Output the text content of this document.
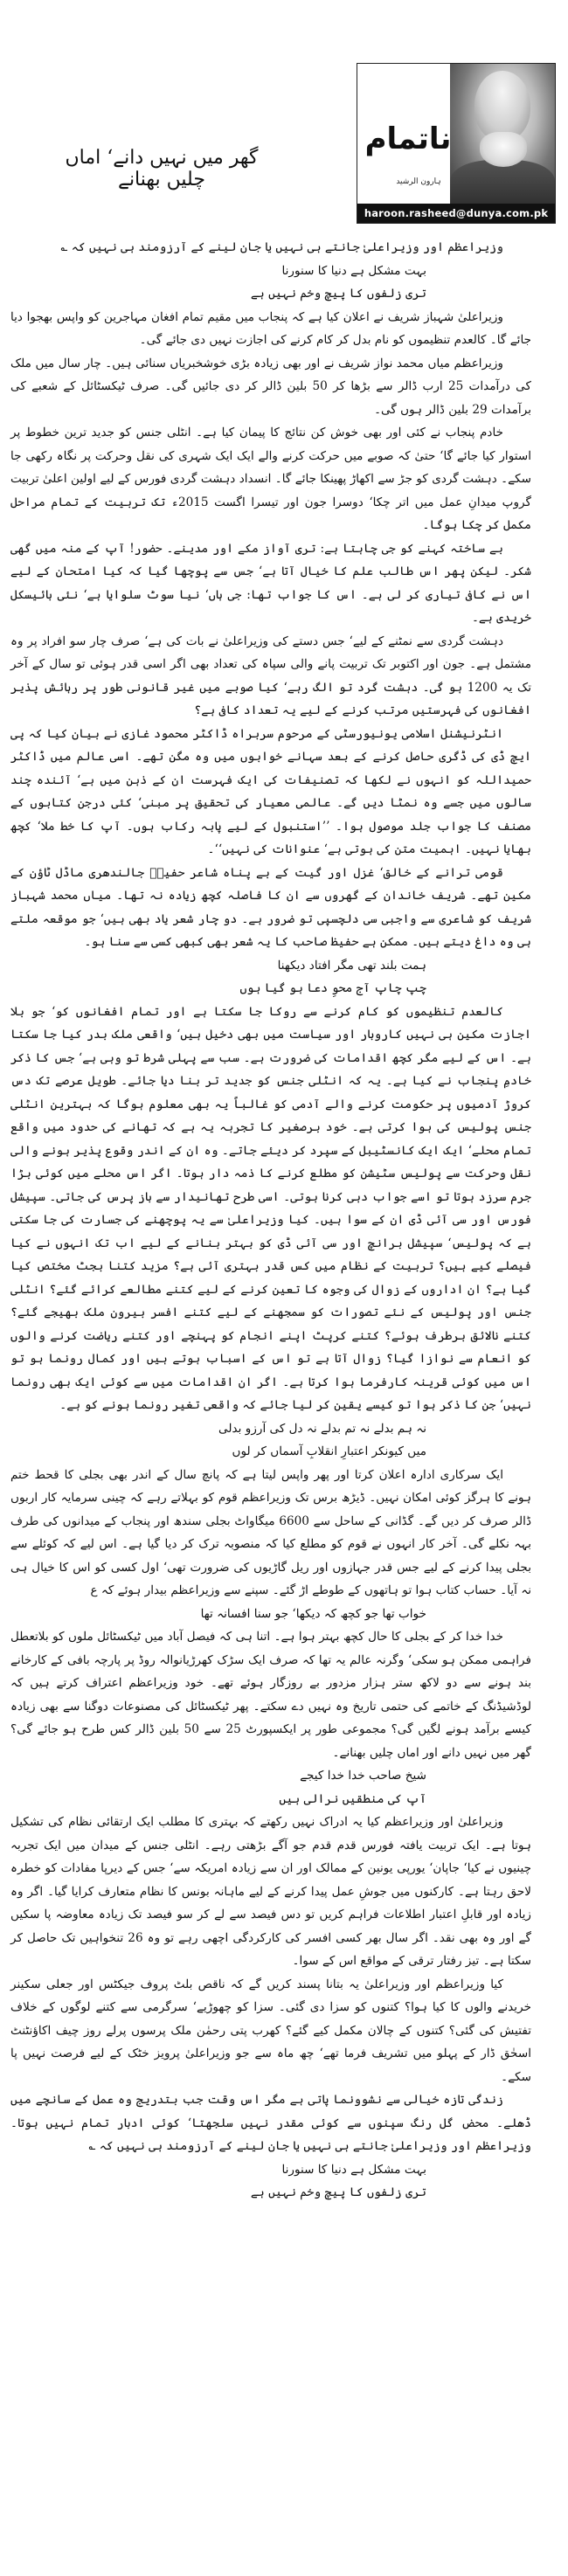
گھر میں نہیں دانے‘ اماں چلیں بھنانے
ناتمام
ہارون الرشید
haroon.rasheed@dunya.com.pk

وزیراعظم اور وزیراعلیٰ جانتے ہی نہیں یا جان لینے کے آرزومند ہی نہیں کہ ؎

بہت مشکل ہے دنیا کا سنورنا

تری زلفوں کا پیچ وخم نہیں ہے

وزیراعلیٰ شہباز شریف نے اعلان کیا ہے کہ پنجاب میں مقیم تمام افغان مہاجرین کو واپس بھجوا دیا جائے گا۔ کالعدم تنظیموں کو نام بدل کر کام کرنے کی اجازت نہیں دی جائے گی۔

وزیراعظم میاں محمد نواز شریف نے اور بھی زیادہ بڑی خوشخبریاں سنائی ہیں۔ چار سال میں ملک کی درآمدات 25 ارب ڈالر سے بڑھا کر 50 بلین ڈالر کر دی جائیں گی۔ صرف ٹیکسٹائل کے شعبے کی برآمدات 29 بلین ڈالر ہوں گی۔

خادم پنجاب نے کئی اور بھی خوش کن نتائج کا پیمان کیا ہے۔ انٹلی جنس کو جدید ترین خطوط پر استوار کیا جائے گا‘ حتیٰ کہ صوبے میں حرکت کرنے والے ایک ایک شہری کی نقل وحرکت پر نگاہ رکھی جا سکے۔ دہشت گردی کو جڑ سے اکھاڑ پھینکا جائے گا۔ انسداد دہشت گردی فورس کے لیے اولین اعلیٰ تربیت گروپ میدانِ عمل میں اتر چکا‘ دوسرا جون اور تیسرا اگست 2015ء تک تربیت کے تمام مراحل مکمل کر چکا ہوگا۔

بے ساختہ کہنے کو جی چاہتا ہے: تری آواز مکے اور مدینے۔ حضور! آپ کے منہ میں گھی شکر۔ لیکن پھر اس طالب علم کا خیال آتا ہے‘ جس سے پوچھا گیا کہ کیا امتحان کے لیے اس نے کافی تیاری کر لی ہے۔ اس کا جواب تھا: جی ہاں‘ نیا سوٹ سلوایا ہے‘ نئی بائیسکل خریدی ہے۔

دہشت گردی سے نمٹنے کے لیے‘ جس دستے کی وزیراعلیٰ نے بات کی ہے‘ صرف چار سو افراد پر وہ مشتمل ہے۔ جون اور اکتوبر تک تربیت پانے والی سپاہ کی تعداد بھی اگر اسی قدر ہوئی تو سال کے آخر تک یہ 1200 ہو گی۔ دہشت گرد تو الگ رہے‘ کیا صوبے میں غیر قانونی طور پر رہائش پذیر افغانوں کی فہرستیں مرتب کرنے کے لیے یہ تعداد کافی ہے؟

انٹرنیشنل اسلامی یونیورسٹی کے مرحوم سربراہ ڈاکٹر محمود غازی نے بیان کیا کہ پی ایچ ڈی کی ڈگری حاصل کرنے کے بعد سہانے خوابوں میں وہ مگن تھے۔ اسی عالم میں ڈاکٹر حمیداللہ کو انہوں نے لکھا کہ تصنیفات کی ایک فہرست ان کے ذہن میں ہے‘ آئندہ چند سالوں میں جسے وہ نمٹا دیں گے۔ عالمی معیار کی تحقیق پر مبنی‘ کئی درجن کتابوں کے مصنف کا جواب جلد موصول ہوا۔ ’’استنبول کے لیے پابہ رکاب ہوں۔ آپ کا خط ملا‘ کچھ بھایا نہیں۔ اہمیت متن کی ہوتی ہے‘ عنوانات کی نہیں‘‘۔

قومی ترانے کے خالق‘ غزل اور گیت کے بے پناہ شاعر حفیظؔ جالندھری ماڈل ٹاؤن کے مکین تھے۔ شریف خاندان کے گھروں سے ان کا فاصلہ کچھ زیادہ نہ تھا۔ میاں محمد شہباز شریف کو شاعری سے واجبی سی دلچسپی تو ضرور ہے۔ دو چار شعر یاد بھی ہیں‘ جو موقعہ ملتے ہی وہ داغ دیتے ہیں۔ ممکن ہے حفیظ صاحب کا یہ شعر بھی کبھی کسی سے سنا ہو۔

ہمت بلند تھی مگر افتاد دیکھنا

چپ چاپ آج محوِ دعا ہو گیا ہوں

کالعدم تنظیموں کو کام کرنے سے روکا جا سکتا ہے اور تمام افغانوں کو‘ جو بلا اجازت مکین ہی نہیں کاروبار اور سیاست میں بھی دخیل ہیں‘ واقعی ملک بدر کیا جا سکتا ہے۔ اس کے لیے مگر کچھ اقدامات کی ضرورت ہے۔ سب سے پہلی شرط تو وہی ہے‘ جس کا ذکر خادمِ پنجاب نے کیا ہے۔ یہ کہ انٹلی جنس کو جدید تر بنا دیا جائے۔ طویل عرصے تک دس کروڑ آدمیوں پر حکومت کرنے والے آدمی کو غالباً یہ بھی معلوم ہوگا کہ بہترین انٹلی جنس پولیس کی ہوا کرتی ہے۔ خود برصغیر کا تجربہ یہ ہے کہ تھانے کی حدود میں واقع تمام محلے‘ ایک ایک کانسٹیبل کے سپرد کر دیئے جاتے۔ وہ ان کے اندر وقوع پذیر ہونے والی نقل وحرکت سے پولیس سٹیشن کو مطلع کرنے کا ذمہ دار ہوتا۔ اگر اس محلے میں کوئی بڑا جرم سرزد ہوتا تو اسے جواب دہی کرنا ہوتی۔ اسی طرح تھانیدار سے باز پرس کی جاتی۔ سپیشل فورس اور سی آئی ڈی ان کے سوا ہیں۔ کیا وزیراعلیٰ سے یہ پوچھنے کی جسارت کی جا سکتی ہے کہ پولیس‘ سپیشل برانچ اور سی آئی ڈی کو بہتر بنانے کے لیے اب تک انہوں نے کیا فیصلے کیے ہیں؟ تربیت کے نظام میں کس قدر بہتری آئی ہے؟ مزید کتنا بجٹ مختص کیا گیا ہے؟ ان اداروں کے زوال کی وجوہ کا تعین کرنے کے لیے کتنے مطالعے کرائے گئے؟ انٹلی جنس اور پولیس کے نئے تصورات کو سمجھنے کے لیے کتنے افسر بیرون ملک بھیجے گئے؟ کتنے نالائق برطرف ہوئے؟ کتنے کرپٹ اپنے انجام کو پہنچے اور کتنے ریاضت کرنے والوں کو انعام سے نوازا گیا؟ زوال آتا ہے تو اس کے اسباب ہوتے ہیں اور کمال رونما ہو تو اس میں کوئی قرینہ کارفرما ہوا کرتا ہے۔ اگر ان اقدامات میں سے کوئی ایک بھی رونما نہیں‘ جن کا ذکر ہوا تو کیسے یقین کر لیا جائے کہ واقعی تغیر رونما ہونے کو ہے۔

نہ ہم بدلے نہ تم بدلے نہ دل کی آرزو بدلی

میں کیونکر اعتبارِ انقلابِ آسماں کر لوں

ایک سرکاری ادارہ اعلان کرتا اور پھر واپس لیتا ہے کہ پانچ سال کے اندر بھی بجلی کا قحط ختم ہونے کا ہرگز کوئی امکان نہیں۔ ڈیڑھ برس تک وزیراعظم قوم کو بہلاتے رہے کہ چینی سرمایہ کار اربوں ڈالر صرف کر دیں گے۔ گڈانی کے ساحل سے 6600 میگاواٹ بجلی سندھ اور پنجاب کے میدانوں کی طرف بہہ نکلے گی۔ آخر کار انہوں نے قوم کو مطلع کیا کہ منصوبہ ترک کر دیا گیا ہے۔ اس لیے کہ کوئلے سے بجلی پیدا کرنے کے لیے جس قدر جہازوں اور ریل گاڑیوں کی ضرورت تھی‘ اول کسی کو اس کا خیال ہی نہ آیا۔ حساب کتاب ہوا تو ہاتھوں کے طوطے اڑ گئے۔ سپنے سے وزیراعظم بیدار ہوئے کہ ع

خواب تھا جو کچھ کہ دیکھا‘ جو سنا افسانہ تھا

خدا خدا کر کے بجلی کا حال کچھ بہتر ہوا ہے۔ اتنا ہی کہ فیصل آباد میں ٹیکسٹائل ملوں کو بلاتعطل فراہمی ممکن ہو سکی‘ وگرنہ عالم یہ تھا کہ صرف ایک سڑک کھرڑیانوالہ روڈ پر پارچہ بافی کے کارخانے بند ہونے سے دو لاکھ ستر ہزار مزدور بے روزگار ہوئے تھے۔ خود وزیراعظم اعتراف کرتے ہیں کہ لوڈشیڈنگ کے خاتمے کی حتمی تاریخ وہ نہیں دے سکتے۔ پھر ٹیکسٹائل کی مصنوعات دوگنا سے بھی زیادہ کیسے برآمد ہونے لگیں گی؟ مجموعی طور پر ایکسپورٹ 25 سے 50 بلین ڈالر کس طرح ہو جائے گی؟ گھر میں نہیں دانے اور اماں چلیں بھنانے۔

شیخ صاحب خدا خدا کیجے

آپ کی منطقیں نرالی ہیں

وزیراعلیٰ اور وزیراعظم کیا یہ ادراک نہیں رکھتے کہ بہتری کا مطلب ایک ارتقائی نظام کی تشکیل ہوتا ہے۔ ایک تربیت یافتہ فورس قدم قدم جو آگے بڑھتی رہے۔ انٹلی جنس کے میدان میں ایک تجربہ چینیوں نے کیا‘ جاپان‘ یورپی یونین کے ممالک اور ان سے زیادہ امریکہ سے‘ جس کے دیرپا مفادات کو خطرہ لاحق رہتا ہے۔ کارکنوں میں جوشِ عمل پیدا کرنے کے لیے ماہانہ بونس کا نظام متعارف کرایا گیا۔ اگر وہ زیادہ اور قابلِ اعتبار اطلاعات فراہم کریں تو دس فیصد سے لے کر سو فیصد تک زیادہ معاوضہ پا سکیں گے اور وہ بھی نقد۔ اگر سال بھر کسی افسر کی کارکردگی اچھی رہے تو وہ 26 تنخواہیں تک حاصل کر سکتا ہے۔ تیز رفتار ترقی کے مواقع اس کے سوا۔

کیا وزیراعظم اور وزیراعلیٰ یہ بتانا پسند کریں گے کہ ناقص بلٹ پروف جیکٹس اور جعلی سکینر خریدنے والوں کا کیا ہوا؟ کتنوں کو سزا دی گئی۔ سزا کو چھوڑیے‘ سرگرمی سے کتنے لوگوں کے خلاف تفتیش کی گئی؟ کتنوں کے چالان مکمل کیے گئے؟ کھرب پتی رحمٰن ملک پرسوں پرلے روز چیف اکاؤنٹنٹ اسحٰق ڈار کے پہلو میں تشریف فرما تھے‘ چھ ماہ سے جو وزیراعلیٰ پرویز خٹک کے لیے فرصت نہیں پا سکے۔

زندگی تازہ خیالی سے نشوونما پاتی ہے مگر اس وقت جب بتدریج وہ عمل کے سانچے میں ڈھلے۔ محض گل رنگ سپنوں سے کوئی مقدر نہیں سلجھتا‘ کوئی ادبار تمام نہیں ہوتا۔ وزیراعظم اور وزیراعلیٰ جانتے ہی نہیں یا جان لینے کے آرزومند ہی نہیں کہ ؎

بہت مشکل ہے دنیا کا سنورنا

تری زلفوں کا پیچ وخم نہیں ہے
